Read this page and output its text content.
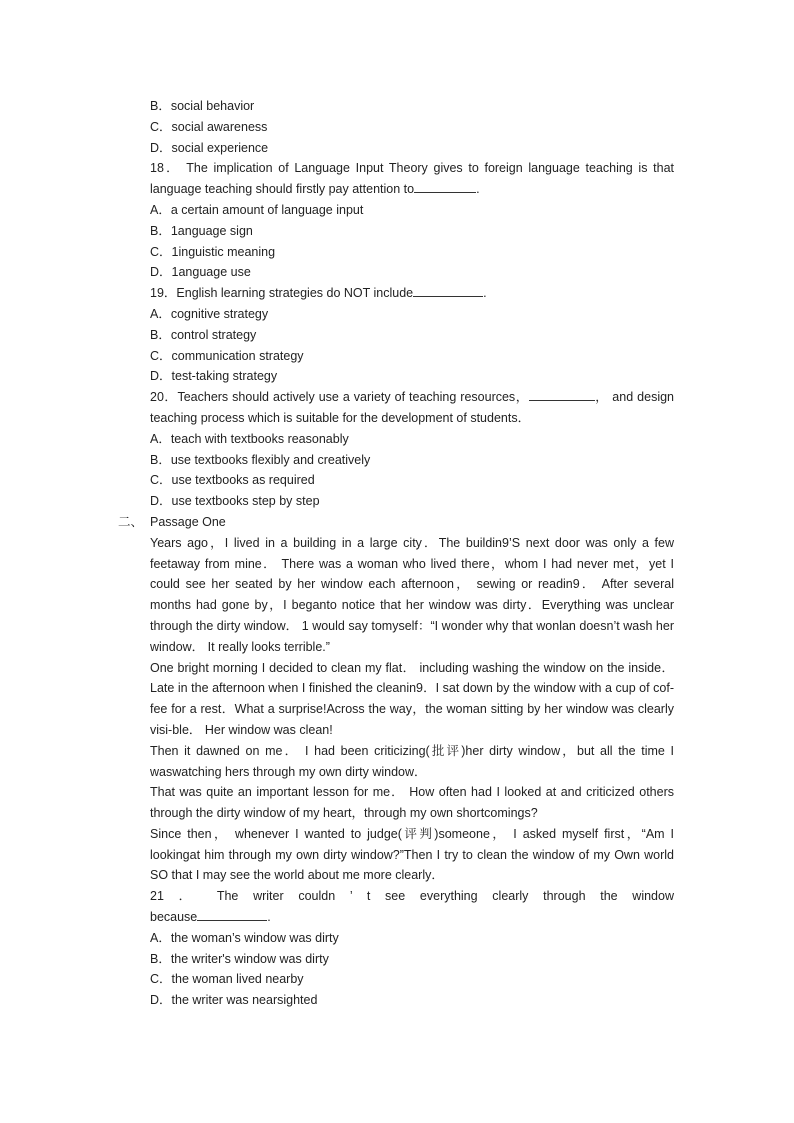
B．social behavior
C．social awareness
D．social experience
18． The implication of Language Input Theory gives to foreign language teaching is that language teaching should firstly pay attention to	.
A．a certain amount of language input
B．1anguage sign
C．1inguistic meaning
D．1anguage use
19．English learning strategies do NOT include	.
A．cognitive strategy
B．control strategy
C．communication strategy
D．test-taking strategy
20．Teachers should actively use a variety of teaching resources，	， and design teaching process which is suitable for the development of students．
A．teach with textbooks reasonably
B．use textbooks flexibly and creatively
C．use textbooks as required
D．use textbooks step by step
Passage One
Years ago，I lived in a building in a large city．The buildin9’S next door was only a few feetaway from mine． There was a woman who lived there，whom I had never met，yet I could see her seated by her window each afternoon， sewing or readin9． After several months had gone by，I beganto notice that her window was dirty．Everything was unclear through the dirty window． 1 would say tomyself：“I wonder why that wonlan doesn’t wash her window． It really looks terrible.”
One bright morning I decided to clean my flat． including washing the window on the inside．Late in the afternoon when I finished the cleanin9．I sat down by the window with a cup of cof-fee for a rest．What a surprise!Across the way，the woman sitting by her window was clearly visi-ble． Her window was clean!
Then it dawned on me． I had been criticizing(批评)her dirty window，but all the time I waswatching hers through my own dirty window．
That was quite an important lesson for me． How often had I looked at and criticized others through the dirty window of my heart，through my own shortcomings?
Since then， whenever I wanted to judge(评判)someone， I asked myself first，“Am I lookingat him through my own dirty window?”Then I try to clean the window of my Own world SO that I may see the world about me more clearly．
21 ． The writer couldn ’ t see everything clearly through the window
because	.
A．the woman’s window was dirty
B．the writer's window was dirty
C．the woman lived nearby
D．the writer was nearsighted
二、
